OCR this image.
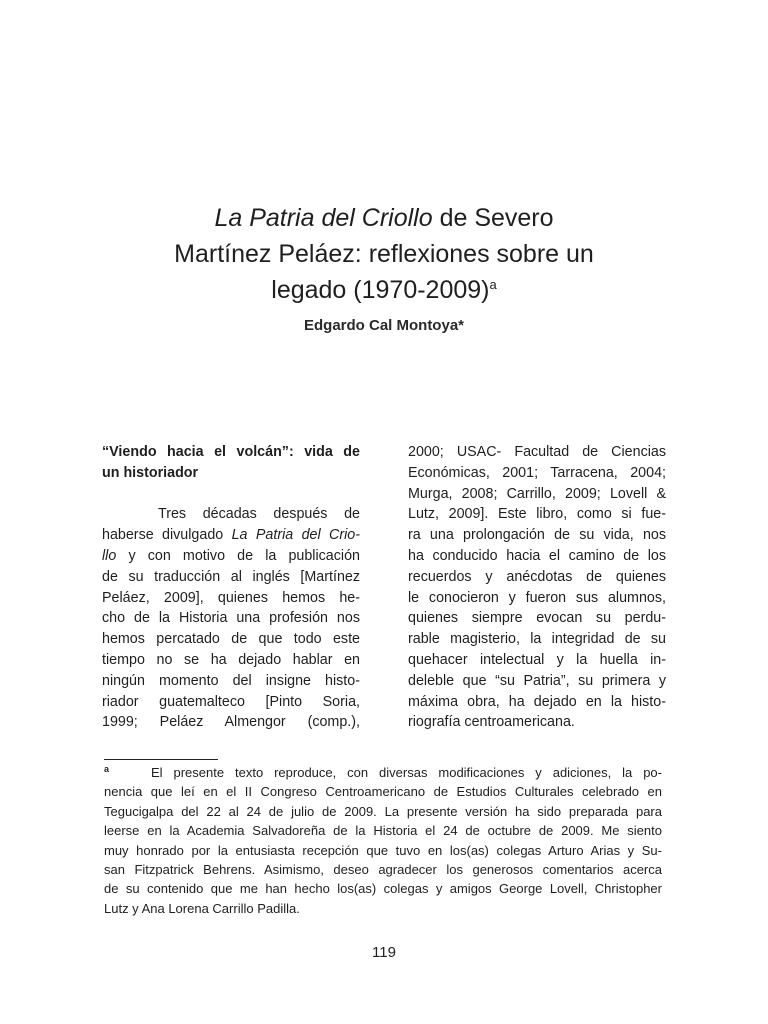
La Patria del Criollo de Severo
Martínez Peláez: reflexiones sobre un
legado (1970-2009)$^a$
Edgardo Cal Montoya*
“Viendo hacia el volcán”: vida de
un historiador
Tres décadas después de
haberse divulgado La Patria del Crio-
llo y con motivo de la publicación
de su traducción al inglés [Martínez
Peláez, 2009], quienes hemos he-
cho de la Historia una profesión nos
hemos percatado de que todo este
tiempo no se ha dejado hablar en
ningún momento del insigne histo-
riador guatemalteco [Pinto Soria,
1999; Peláez Almengor (comp.),
2000; USAC- Facultad de Ciencias
Económicas, 2001; Tarracena, 2004;
Murga, 2008; Carrillo, 2009; Lovell &
Lutz, 2009]. Este libro, como si fue-
ra una prolongación de su vida, nos
ha conducido hacia el camino de los
recuerdos y anécdotas de quienes
le conocieron y fueron sus alumnos,
quienes siempre evocan su perdu-
rable magisterio, la integridad de su
quehacer intelectual y la huella in-
deleble que “su Patria”, su primera y
máxima obra, ha dejado en la histo-
riografía centroamericana.
$^a$	El presente texto reproduce, con diversas modificaciones y adiciones, la po-
nencia que leí en el II Congreso Centroamericano de Estudios Culturales celebrado en
Tegucigalpa del 22 al 24 de julio de 2009. La presente versión ha sido preparada para
leerse en la Academia Salvadoreña de la Historia el 24 de octubre de 2009. Me siento
muy honrado por la entusiasta recepción que tuvo en los(as) colegas Arturo Arias y Su-
san Fitzpatrick Behrens. Asimismo, deseo agradecer los generosos comentarios acerca
de su contenido que me han hecho los(as) colegas y amigos George Lovell, Christopher
Lutz y Ana Lorena Carrillo Padilla.
119
